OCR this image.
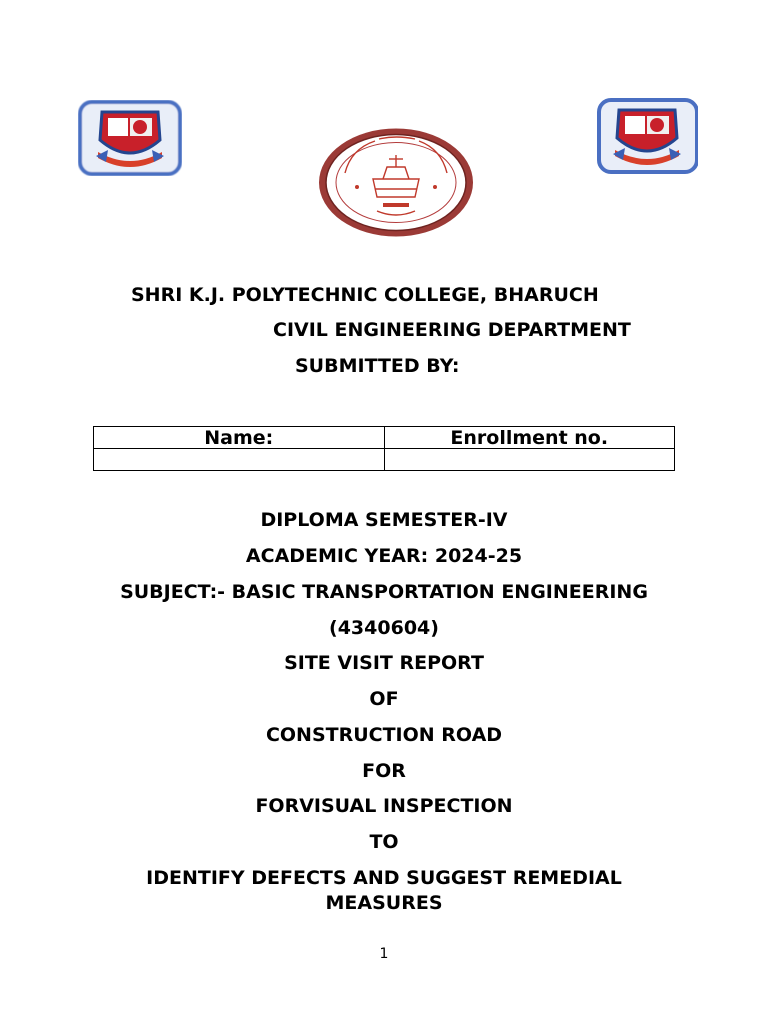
SHRI K.J. POLYTECHNIC COLLEGE, BHARUCH
CIVIL ENGINEERING DEPARTMENT
SUBMITTED BY:
Name:	Enrollment no.

DIPLOMA SEMESTER-IV
ACADEMIC YEAR: 2024-25
SUBJECT:- BASIC TRANSPORTATION ENGINEERING
(4340604)
SITE VISIT REPORT
OF
CONSTRUCTION ROAD
FOR
FORVISUAL INSPECTION
TO
IDENTIFY DEFECTS AND SUGGEST REMEDIAL
MEASURES
1
